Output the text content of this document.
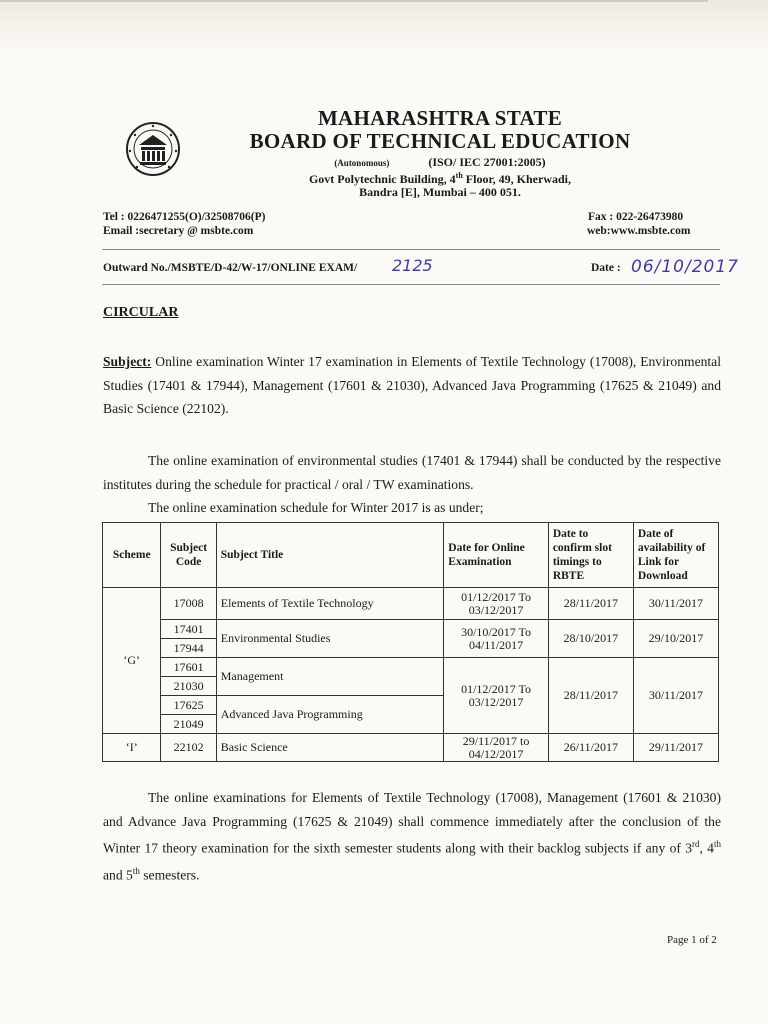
MAHARASHTRA STATE
BOARD OF TECHNICAL EDUCATION
(Autonomous)	(ISO/ IEC 27001:2005)
Govt Polytechnic Building, 4th Floor, 49, Kherwadi,
Bandra [E], Mumbai – 400 051.
Tel : 0226471255(O)/32508706(P)
Email :secretary @ msbte.com
Fax : 022-26473980
web:www.msbte.com
Outward No./MSBTE/D-42/W-17/ONLINE EXAM/ 2125	Date : 06/10/2017
CIRCULAR

Subject: Online examination Winter 17 examination in Elements of Textile Technology (17008), Environmental Studies (17401 & 17944), Management (17601 & 21030), Advanced Java Programming (17625 & 21049) and Basic Science (22102).

The online examination of environmental studies (17401 & 17944) shall be conducted by the respective institutes during the schedule for practical / oral / TW examinations.

The online examination schedule for Winter 2017 is as under;

Scheme	Subject Code	Subject Title	Date for Online Examination	Date to confirm slot timings to RBTE	Date of availability of Link for Download
‘G’	17008	Elements of Textile Technology	01/12/2017 To 03/12/2017	28/11/2017	30/11/2017
	17401	Environmental Studies	30/10/2017 To 04/11/2017	28/10/2017	29/10/2017
	17944				
	17601	Management	01/12/2017 To 03/12/2017	28/11/2017	30/11/2017
	21030				
	17625	Advanced Java Programming			
	21049				
‘I’	22102	Basic Science	29/11/2017 to 04/12/2017	26/11/2017	29/11/2017

The online examinations for Elements of Textile Technology (17008), Management (17601 & 21030) and Advance Java Programming (17625 & 21049) shall commence immediately after the conclusion of the Winter 17 theory examination for the sixth semester students along with their backlog subjects if any of 3rd, 4th and 5th semesters.

Page 1 of 2
